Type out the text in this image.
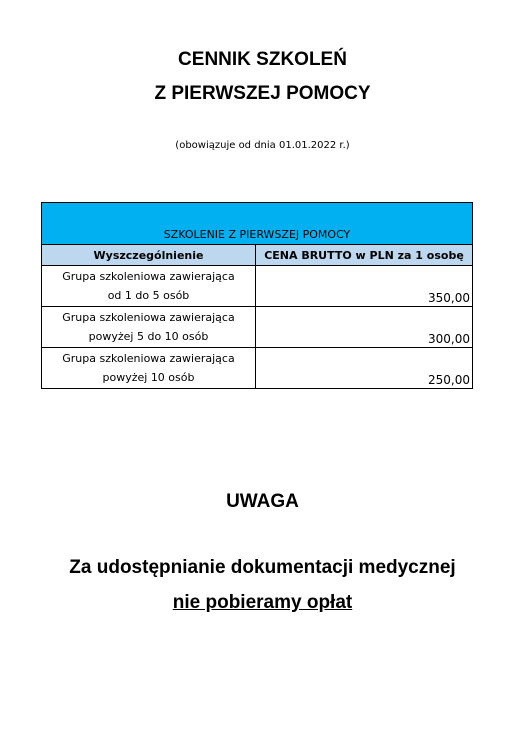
CENNIK SZKOLEŃ
Z PIERWSZEJ POMOCY
(obowiązuje od dnia 01.01.2022 r.)
SZKOLENIE Z PIERWSZEJ POMOCY
Wyszczególnienie	CENA BRUTTO w PLN za 1 osobę
Grupa szkoleniowa zawierająca
od 1 do 5 osób	350,00
Grupa szkoleniowa zawierająca
powyżej 5 do 10 osób	300,00
Grupa szkoleniowa zawierająca
powyżej 10 osób	250,00
UWAGA
Za udostępnianie dokumentacji medycznej
nie pobieramy opłat
